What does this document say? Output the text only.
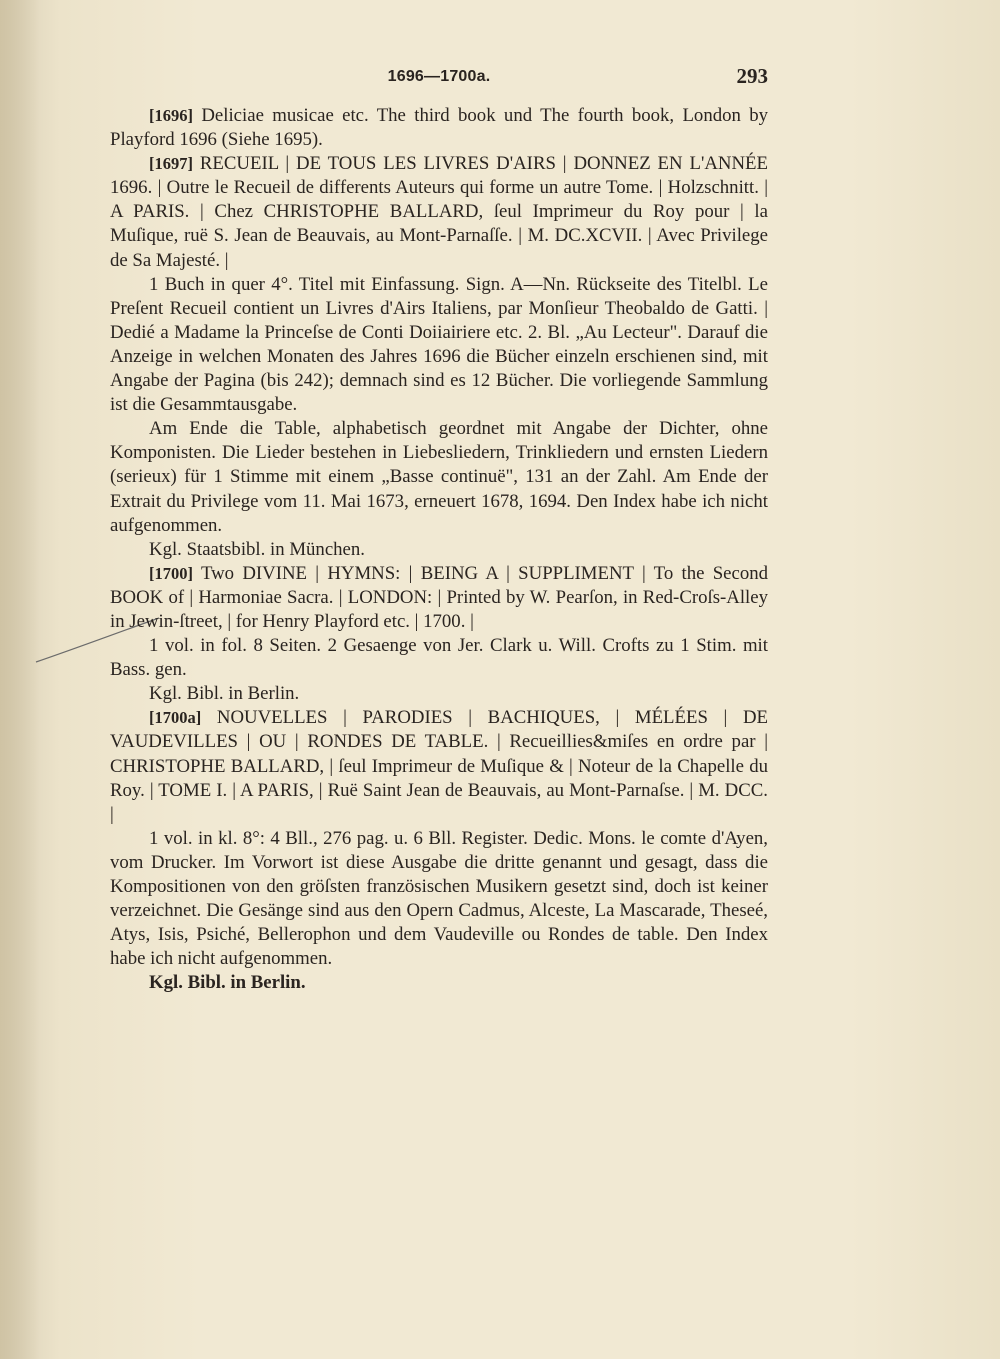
1696—1700a.	293

[1696] Deliciae musicae etc. The third book und The fourth book, London by Playford 1696 (Siehe 1695).

[1697] RECUEIL | DE TOUS LES LIVRES D'AIRS | DONNEZ EN L'ANNÉE 1696. | Outre le Recueil de differents Auteurs qui forme un autre Tome. | Holzschnitt. | A PARIS. | Chez CHRISTOPHE BALLARD, ſeul Imprimeur du Roy pour | la Muſique, ruë S. Jean de Beauvais, au Mont-Parnaſſe. | M. DC.XCVII. | Avec Privilege de Sa Majesté. |

1 Buch in quer 4°. Titel mit Einfassung. Sign. A—Nn. Rückseite des Titelbl. Le Preſent Recueil contient un Livres d'Airs Italiens, par Monſieur Theobaldo de Gatti. | Dedié a Madame la Princeſse de Conti Doiiairiere etc. 2. Bl. „Au Lecteur". Darauf die Anzeige in welchen Monaten des Jahres 1696 die Bücher einzeln erschienen sind, mit Angabe der Pagina (bis 242); demnach sind es 12 Bücher. Die vorliegende Sammlung ist die Gesammtausgabe.

Am Ende die Table, alphabetisch geordnet mit Angabe der Dichter, ohne Komponisten. Die Lieder bestehen in Liebesliedern, Trinkliedern und ernsten Liedern (serieux) für 1 Stimme mit einem „Basse continuë", 131 an der Zahl. Am Ende der Extrait du Privilege vom 11. Mai 1673, erneuert 1678, 1694. Den Index habe ich nicht aufgenommen.

Kgl. Staatsbibl. in München.

[1700] Two DIVINE | HYMNS: | BEING A | SUPPLIMENT | To the Second BOOK of | Harmoniae Sacra. | LONDON: | Printed by W. Pearſon, in Red-Croſs-Alley in Jewin-ſtreet, | for Henry Playford etc. | 1700. |

1 vol. in fol. 8 Seiten. 2 Gesaenge von Jer. Clark u. Will. Crofts zu 1 Stim. mit Bass. gen.

Kgl. Bibl. in Berlin.

[1700a] NOUVELLES | PARODIES | BACHIQUES, | MÉLÉES | DE VAUDEVILLES | OU | RONDES DE TABLE. | Recueillies&miſes en ordre par | CHRISTOPHE BALLARD, | ſeul Imprimeur de Muſique & | Noteur de la Chapelle du Roy. | TOME I. | A PARIS, | Ruë Saint Jean de Beauvais, au Mont-Parnaſse. | M. DCC. |

1 vol. in kl. 8°: 4 Bll., 276 pag. u. 6 Bll. Register. Dedic. Mons. le comte d'Ayen, vom Drucker. Im Vorwort ist diese Ausgabe die dritte genannt und gesagt, dass die Kompositionen von den gröſsten französischen Musikern gesetzt sind, doch ist keiner verzeichnet. Die Gesänge sind aus den Opern Cadmus, Alceste, La Mascarade, Theseé, Atys, Isis, Psiché, Bellerophon und dem Vaudeville ou Rondes de table. Den Index habe ich nicht aufgenommen.

Kgl. Bibl. in Berlin.
